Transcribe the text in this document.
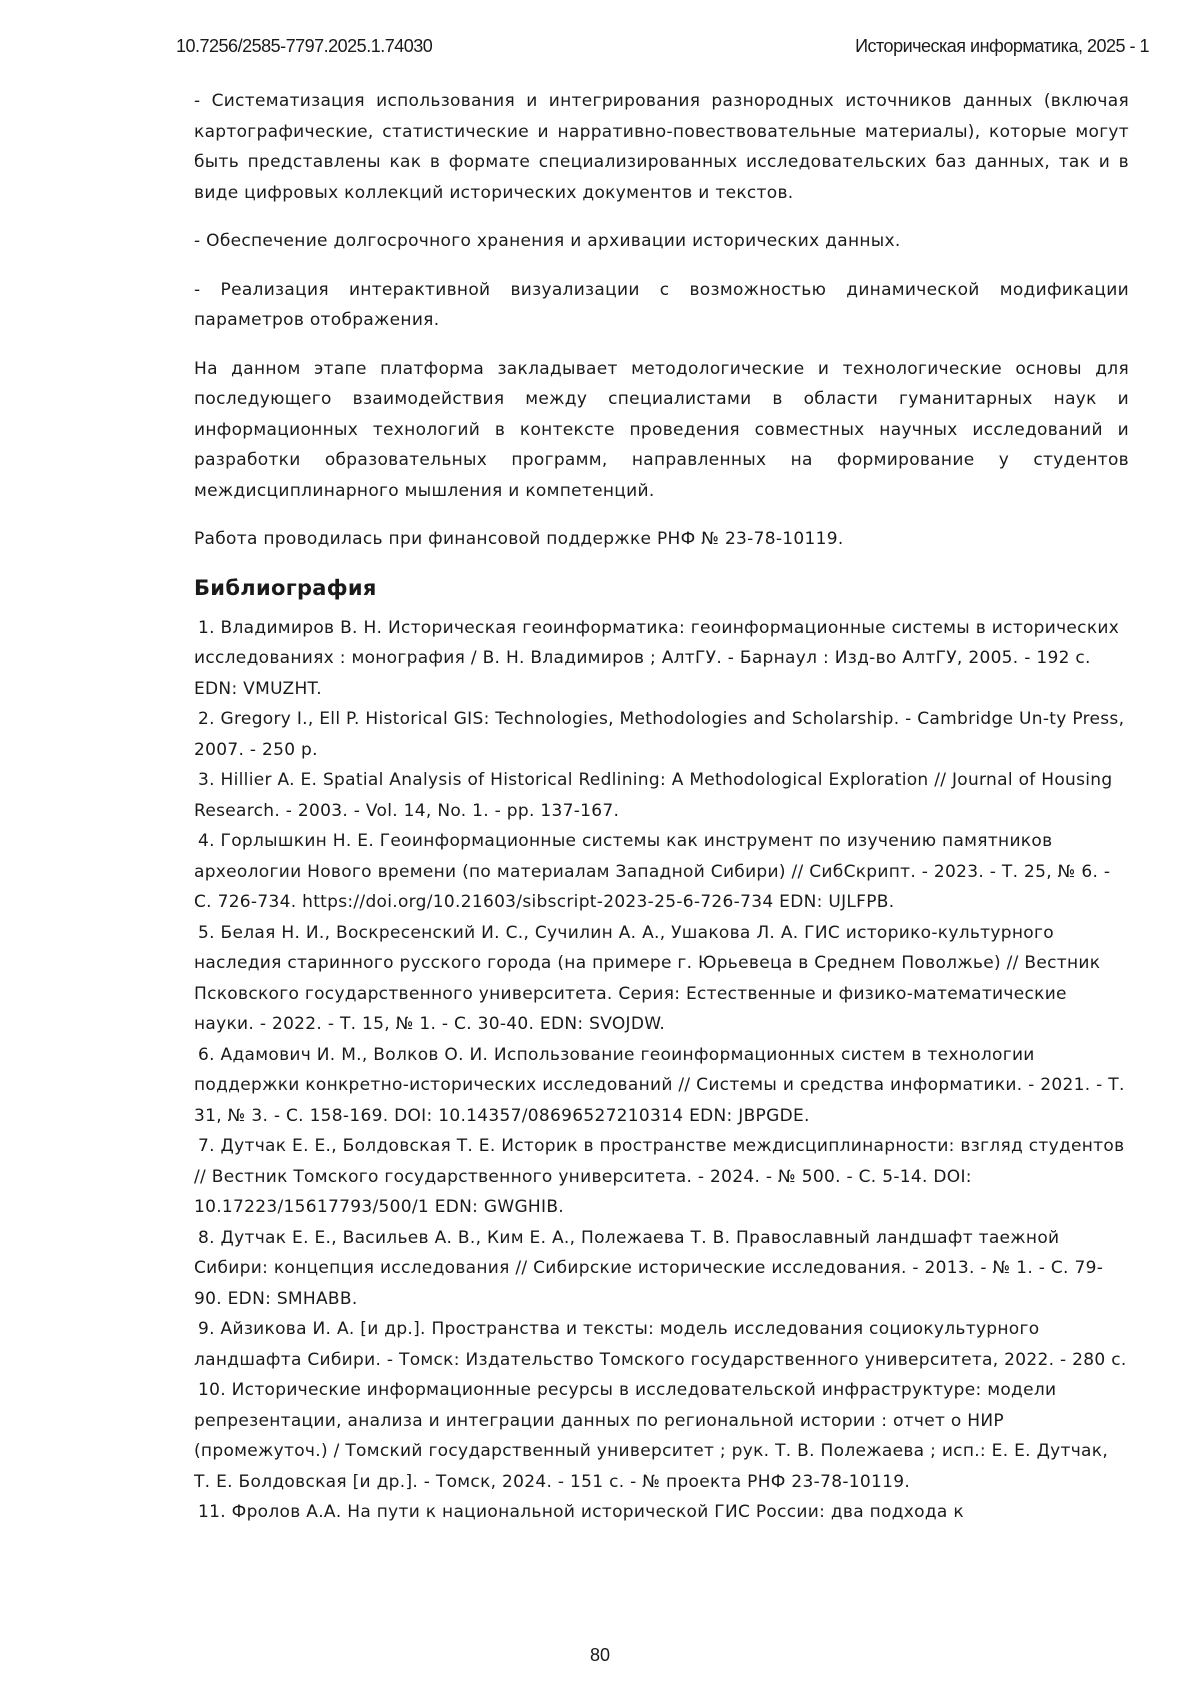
10.7256/2585-7797.2025.1.74030	Историческая информатика, 2025 - 1

- Систематизация использования и интегрирования разнородных источников данных (включая картографические, статистические и нарративно-повествовательные материалы), которые могут быть представлены как в формате специализированных исследовательских баз данных, так и в виде цифровых коллекций исторических документов и текстов.

- Обеспечение долгосрочного хранения и архивации исторических данных.

- Реализация интерактивной визуализации с возможностью динамической модификации параметров отображения.

На данном этапе платформа закладывает методологические и технологические основы для последующего взаимодействия между специалистами в области гуманитарных наук и информационных технологий в контексте проведения совместных научных исследований и разработки образовательных программ, направленных на формирование у студентов междисциплинарного мышления и компетенций.

Работа проводилась при финансовой поддержке РНФ № 23-78-10119.

Библиография
1. Владимиров В. Н. Историческая геоинформатика: геоинформационные системы в исторических исследованиях : монография / В. Н. Владимиров ; АлтГУ. - Барнаул : Изд-во АлтГУ, 2005. - 192 с. EDN: VMUZHT.
2. Gregory I., Ell P. Historical GIS: Technologies, Methodologies and Scholarship. - Cambridge Un-ty Press, 2007. - 250 p.
3. Hillier A. E. Spatial Analysis of Historical Redlining: A Methodological Exploration // Journal of Housing Research. - 2003. - Vol. 14, No. 1. - pp. 137-167.
4. Горлышкин Н. Е. Геоинформационные системы как инструмент по изучению памятников археологии Нового времени (по материалам Западной Сибири) // СибСкрипт. - 2023. - Т. 25, № 6. - С. 726-734. https://doi.org/10.21603/sibscript-2023-25-6-726-734 EDN: UJLFPB.
5. Белая Н. И., Воскресенский И. С., Сучилин А. А., Ушакова Л. А. ГИС историко-культурного наследия старинного русского города (на примере г. Юрьевеца в Среднем Поволжье) // Вестник Псковского государственного университета. Серия: Естественные и физико-математические науки. - 2022. - Т. 15, № 1. - С. 30-40. EDN: SVOJDW.
6. Адамович И. М., Волков О. И. Использование геоинформационных систем в технологии поддержки конкретно-исторических исследований // Системы и средства информатики. - 2021. - Т. 31, № 3. - С. 158-169. DOI: 10.14357/08696527210314 EDN: JBPGDE.
7. Дутчак Е. Е., Болдовская Т. Е. Историк в пространстве междисциплинарности: взгляд студентов // Вестник Томского государственного университета. - 2024. - № 500. - С. 5-14. DOI: 10.17223/15617793/500/1 EDN: GWGHIB.
8. Дутчак Е. Е., Васильев А. В., Ким Е. А., Полежаева Т. В. Православный ландшафт таежной Сибири: концепция исследования // Сибирские исторические исследования. - 2013. - № 1. - С. 79-90. EDN: SMHABB.
9. Айзикова И. А. [и др.]. Пространства и тексты: модель исследования социокультурного ландшафта Сибири. - Томск: Издательство Томского государственного университета, 2022. - 280 с.
10. Исторические информационные ресурсы в исследовательской инфраструктуре: модели репрезентации, анализа и интеграции данных по региональной истории : отчет о НИР (промежуточ.) / Томский государственный университет ; рук. Т. В. Полежаева ; исп.: Е. Е. Дутчак, Т. Е. Болдовская [и др.]. - Томск, 2024. - 151 с. - № проекта РНФ 23-78-10119.
11. Фролов А.А. На пути к национальной исторической ГИС России: два подхода к
80
